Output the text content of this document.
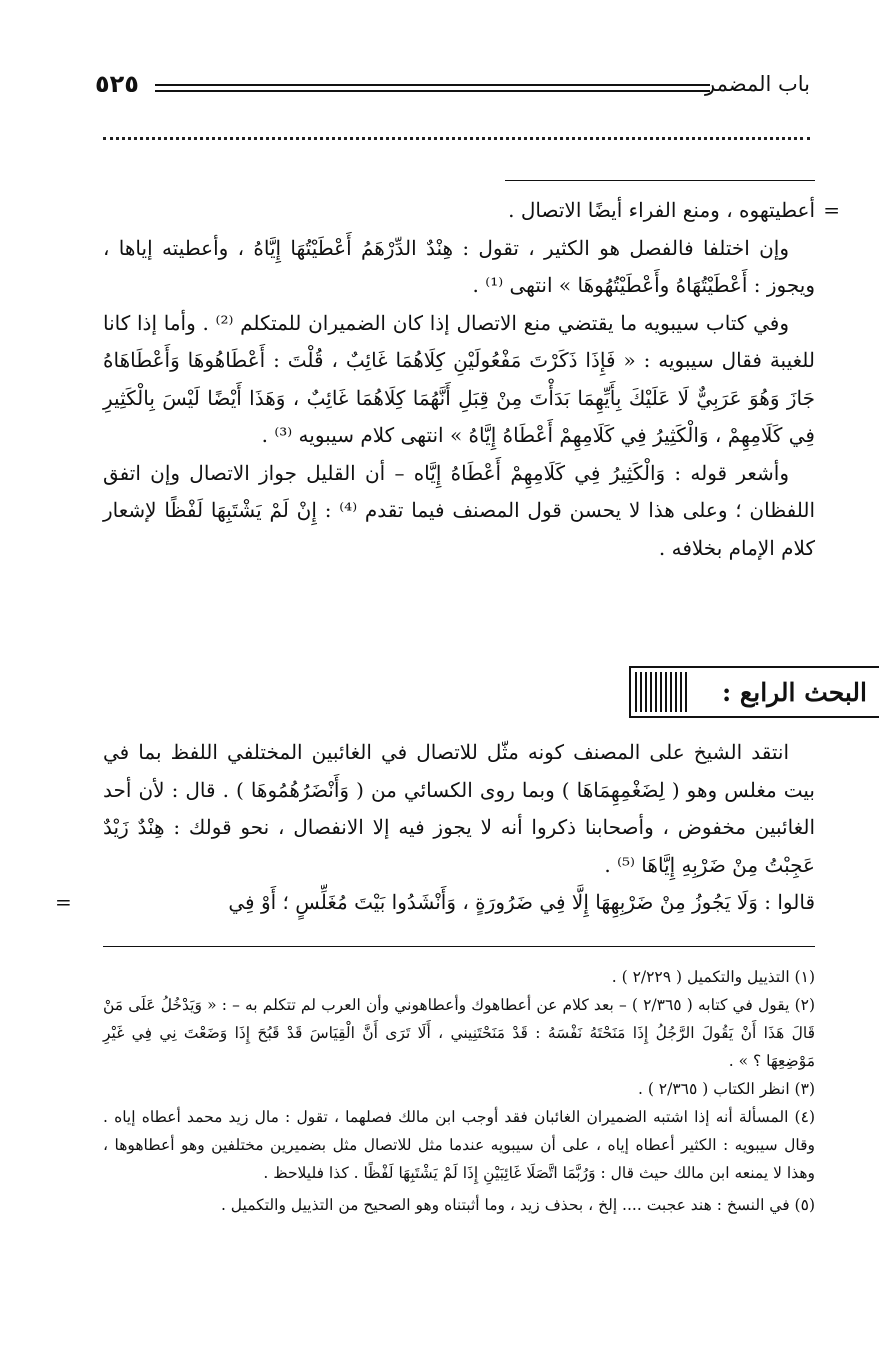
باب المضمر
٥٢٥

=
أعطيتهوه ، ومنع الفراء أيضًا الاتصال .

وإن اختلفا فالفصل هو الكثير ، تقول : هِنْدٌ الدِّرْهَمُ أَعْطَيْتُهَا إِيَّاهُ ، وأعطيته إياها ، ويجوز : أَعْطَيْتُهَاهُ وأَعْطَيْتُهُوهَا » انتهى ⁽¹⁾ .

وفي كتاب سيبويه ما يقتضي منع الاتصال إذا كان الضميران للمتكلم ⁽²⁾ . وأما إذا كانا للغيبة فقال سيبويه : « فَإِذَا ذَكَرْتَ مَفْعُولَيْنِ كِلَاهُمَا غَائِبٌ ، قُلْتَ : أَعْطَاهُوهَا وَأَعْطَاهَاهُ جَازَ وَهُوَ عَرَبِيٌّ لَا عَلَيْكَ بِأَيِّهِمَا بَدَأْتَ مِنْ قِبَلِ أَنَّهُمَا كِلَاهُمَا غَائِبٌ ، وَهَذَا أَيْضًا لَيْسَ بِالْكَثِيرِ فِي كَلَامِهِمْ ، وَالْكَثِيرُ فِي كَلَامِهِمْ أَعْطَاهُ إِيَّاهُ » انتهى كلام سيبويه ⁽³⁾ .

وأشعر قوله : وَالْكَثِيرُ فِي كَلَامِهِمْ أَعْطَاهُ إِيَّاه – أن القليل جواز الاتصال وإن اتفق اللفظان ؛ وعلى هذا لا يحسن قول المصنف فيما تقدم ⁽⁴⁾ : إِنْ لَمْ يَشْتَبِهَا لَفْظًا لإشعار كلام الإمام بخلافه .

البحث الرابع :

انتقد الشيخ على المصنف كونه مثّل للاتصال في الغائبين المختلفي اللفظ بما في بيت مغلس وهو ( لِضَغْمِهِمَاهَا ) وبما روى الكسائي من ( وَأَنْضَرُهُمُوهَا ) . قال : لأن أحد الغائبين مخفوض ، وأصحابنا ذكروا أنه لا يجوز فيه إلا الانفصال ، نحو قولك : هِنْدٌ زَيْدٌ عَجِبْتُ مِنْ ضَرْبِهِ إِيَّاهَا ⁽⁵⁾ .

قالوا : وَلَا يَجُوزُ مِنْ ضَرْبِهِهَا إِلَّا فِي ضَرُورَةٍ ، وَأَنْشَدُوا بَيْتَ مُغَلِّسٍ ؛ أَوْ فِي
=

(١) التذييل والتكميل ( ٢/٢٢٩ ) .

(٢) يقول في كتابه ( ٢/٣٦٥ ) – بعد كلام عن أعطاهوك وأعطاهوني وأن العرب لم تتكلم به – : « وَيَدْخُلُ عَلَى مَنْ قَالَ هَذَا أَنْ يَقُولَ الرَّجُلُ إِذَا مَنَحْتَهُ نَفْسَهُ : قَدْ مَنَحْتَنِيني ، أَلَا تَرَى أَنَّ الْقِيَاسَ قَدْ قَبُحَ إِذَا وَضَعْتَ نِي فِي غَيْرِ مَوْضِعِهَا ؟ » .

(٣) انظر الكتاب ( ٢/٣٦٥ ) .

(٤) المسألة أنه إذا اشتبه الضميران الغائبان فقد أوجب ابن مالك فصلهما ، تقول : مال زيد محمد أعطاه إياه . وقال سيبويه : الكثير أعطاه إياه ، على أن سيبويه عندما مثل للاتصال مثل بضميرين مختلفين وهو أعطاهوها ، وهذا لا يمنعه ابن مالك حيث قال : وَرُبَّمَا اتَّصَلَا غَائِبَيْنِ إِذَا لَمْ يَشْتَبِهَا لَفْظًا . كذا فليلاحظ .

(٥) في النسخ : هند عجبت .... إلخ ، بحذف زيد ، وما أثبتناه وهو الصحيح من التذييل والتكميل .
